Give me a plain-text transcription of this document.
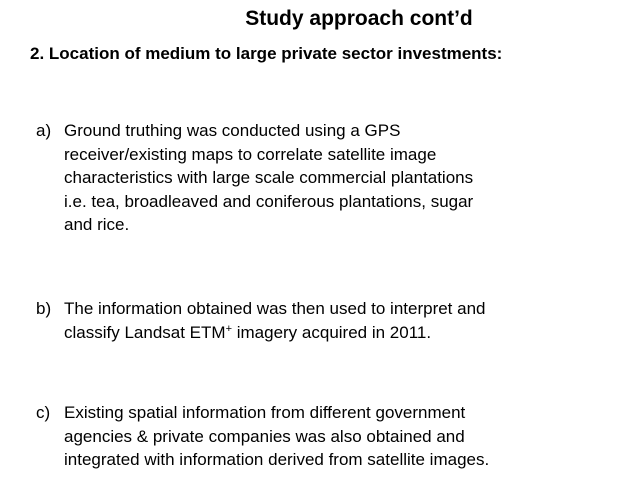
Study approach cont’d
2. Location of medium to large private sector investments:
a) Ground truthing was conducted using a GPS
receiver/existing maps to correlate satellite image
characteristics with large scale commercial plantations
i.e. tea, broadleaved and coniferous plantations, sugar
and rice.
b) The information obtained was then used to interpret and
classify Landsat ETM+ imagery acquired in 2011.
c) Existing spatial information from different government
agencies & private companies was also obtained and
integrated with information derived from satellite images.
